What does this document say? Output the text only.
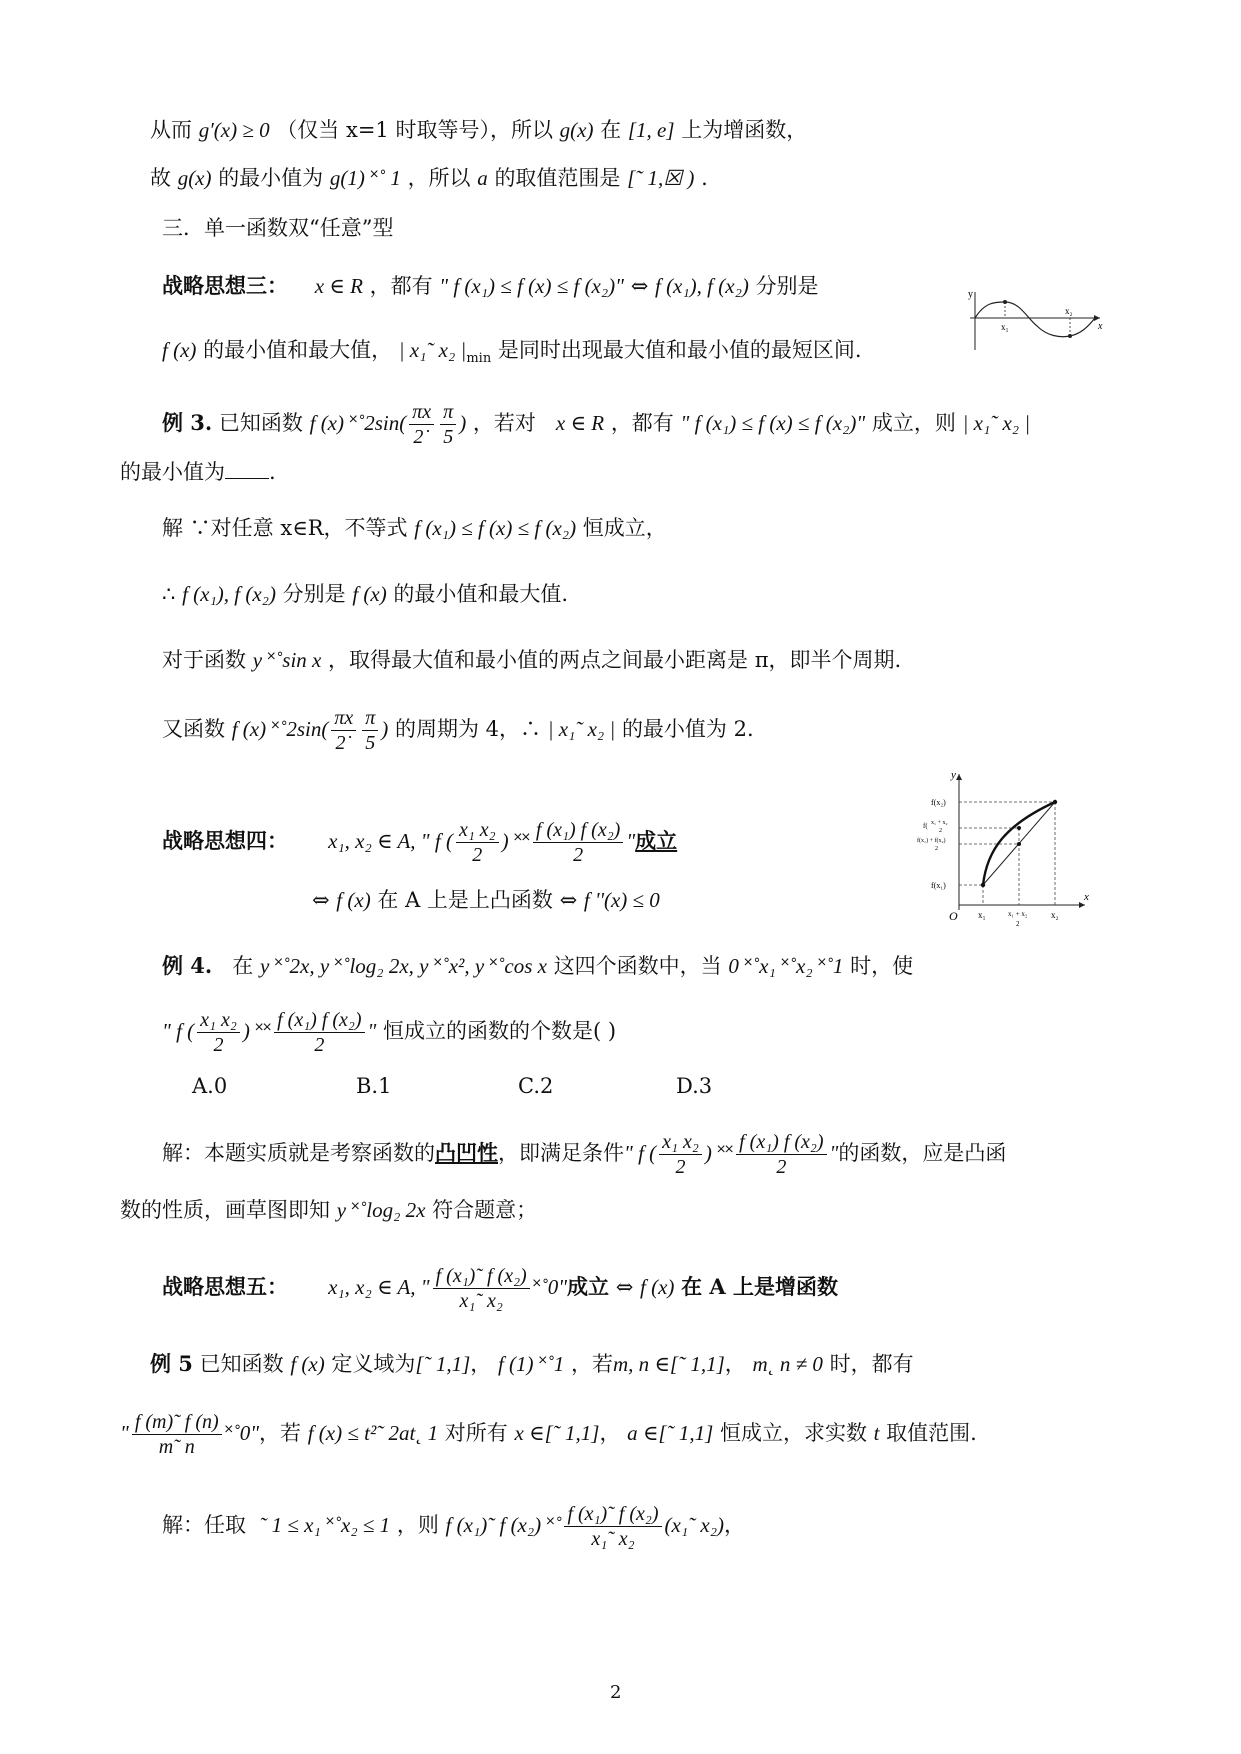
从而 g′(x) ≥ 0 （仅当 x=1 时取等号），所以 g(x) 在 [1, e] 上为增函数，
故 g(x) 的最小值为 g(1) ˟˚ 1 ，所以 a 的取值范围是 [˜ 1,☒ ) .
三．单一函数双“任意”型
战略思想三： x ∈ R ，都有 " f (x₁) ≤ f (x) ≤ f (x₂)" ⇔ f (x₁), f (x₂) 分别是
f (x) 的最小值和最大值， | x₁˜ x₂ $|_{min}$ 是同时出现最大值和最小值的最短区间.
y
x
x₁
x₂
例 3. 已知函数 f (x) ˟˚2sin( $\frac{\pi x}{2˙} \frac{\pi}{5}$ ) ，若对 x ∈ R ，都有 " f (x₁) ≤ f (x) ≤ f (x₂)" 成立，则 | x₁˜ x₂ |
的最小值为 .
解 ∵对任意 x∈R，不等式 f (x₁) ≤ f (x) ≤ f (x₂) 恒成立，
∴ f (x₁), f (x₂) 分别是 f (x) 的最小值和最大值.
对于函数 y ˟˚sin x ，取得最大值和最小值的两点之间最小距离是 π，即半个周期.
又函数 f (x) ˟˚2sin( $\frac{\pi x}{2˙} \frac{\pi}{5}$ ) 的周期为 4，∴ | x₁˜ x₂ | 的最小值为 2.
战略思想四： x₁, x₂ ∈ A, " f ( $\frac{\text{x₁ x₂}}{2}$ ) ˟˟ $\frac{\text{f (x₁) f (x₂)}}{2}$ "成立
⇔ f (x) 在 A 上是上凸函数 ⇔ f ''(x) ≤ 0
y
x
O
f(x₂)
f( x₁ + x₂
2
f(x₁) + f(x₂)
2
f(x₁)
x₁	x₁ + x₂
2
x₂
例 4. 在 y ˟˚2x, y ˟˚log₂ 2x, y ˟˚x², y ˟˚cos x 这四个函数中，当 0 ˟˚x₁ ˟˚x₂ ˟˚1 时，使
" f ( $\frac{\text{x₁ x₂}}{2}$ ) ˟˟ $\frac{\text{f (x₁) f (x₂)}}{2}$ " 恒成立的函数的个数是( )
A.0	B.1	C.2	D.3
解：本题实质就是考察函数的凸凹性，即满足条件" f ( $\frac{\text{x₁ x₂}}{2}$ ) ˟˟ $\frac{\text{f (x₁) f (x₂)}}{2}$ "的函数，应是凸函
数的性质，画草图即知 y ˟˚log₂ 2x 符合题意；
战略思想五： x₁, x₂ ∈ A, " $\frac{\text{f (x₁)˜ f (x₂)}}{\text{x₁˜ x₂}}$ ˟˚0"成立 ⇔ f (x) 在 A 上是增函数
例 5 已知函数 f (x) 定义域为[˜ 1,1]， f (1) ˟˚1 ，若m, n ∈[˜ 1,1]， m˛ n ≠ 0 时，都有
" $\frac{f (m)˜ f (n)}{m˜ n}$ ˟˚0"，若 f (x) ≤ t²˜ 2at˛ 1 对所有 x ∈[˜ 1,1]， a ∈[˜ 1,1] 恒成立，求实数 t 取值范围.
解：任取 ˜ 1 ≤ x₁ ˟˚x₂ ≤ 1 ，则 f (x₁)˜ f (x₂) ˟˚ $\frac{\text{f (x₁)˜ f (x₂)}}{\text{x₁˜ x₂}}$ (x₁˜ x₂)，
2
